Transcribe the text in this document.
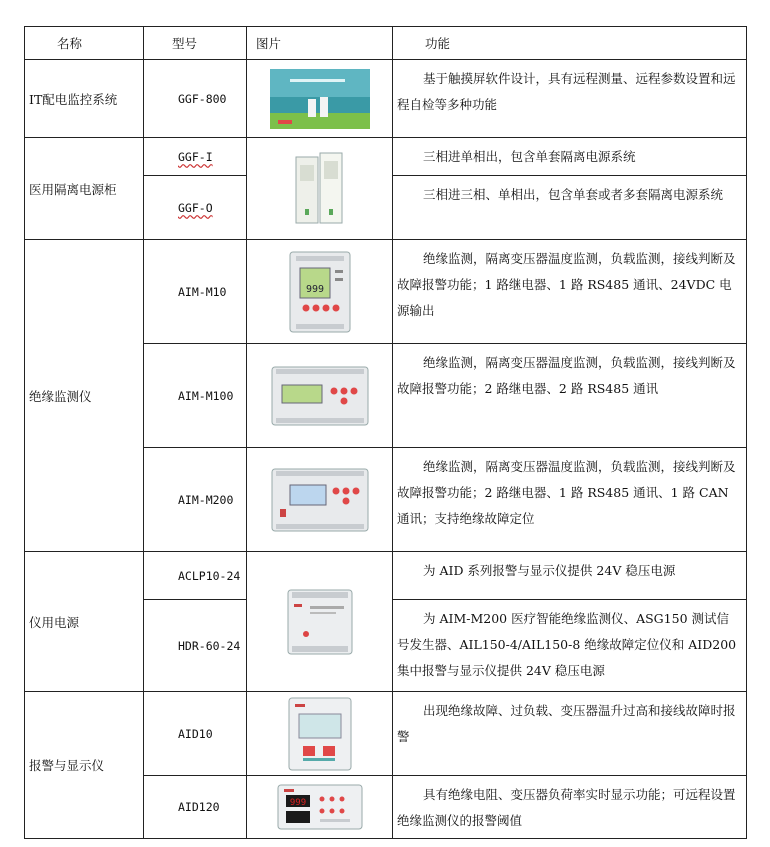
名称	型号	图片	功能
IT配电监控系统	GGF-800		基于触摸屏软件设计，具有远程测量、远程参数设置和远程自检等多种功能
医用隔离电源柜	GGF-I		三相进单相出，包含单套隔离电源系统
	GGF-O		三相进三相、单相出，包含单套或者多套隔离电源系统
绝缘监测仪	AIM-M10	999	绝缘监测，隔离变压器温度监测，负载监测，接线判断及故障报警功能；1 路继电器、1 路 RS485 通讯、24VDC 电源输出
	AIM-M100		绝缘监测，隔离变压器温度监测，负载监测，接线判断及故障报警功能；2 路继电器、2 路 RS485 通讯
	AIM-M200		绝缘监测，隔离变压器温度监测，负载监测，接线判断及故障报警功能；2 路继电器、1 路 RS485 通讯、1 路 CAN 通讯；支持绝缘故障定位
仪用电源	ACLP10-24		为 AID 系列报警与显示仪提供 24V 稳压电源
	HDR-60-24		为 AIM-M200 医疗智能绝缘监测仪、ASG150 测试信号发生器、AIL150-4/AIL150-8 绝缘故障定位仪和 AID200 集中报警与显示仪提供 24V 稳压电源
报警与显示仪	AID10		出现绝缘故障、过负载、变压器温升过高和接线故障时报警
	AID120	999	具有绝缘电阻、变压器负荷率实时显示功能；可远程设置绝缘监测仪的报警阈值
